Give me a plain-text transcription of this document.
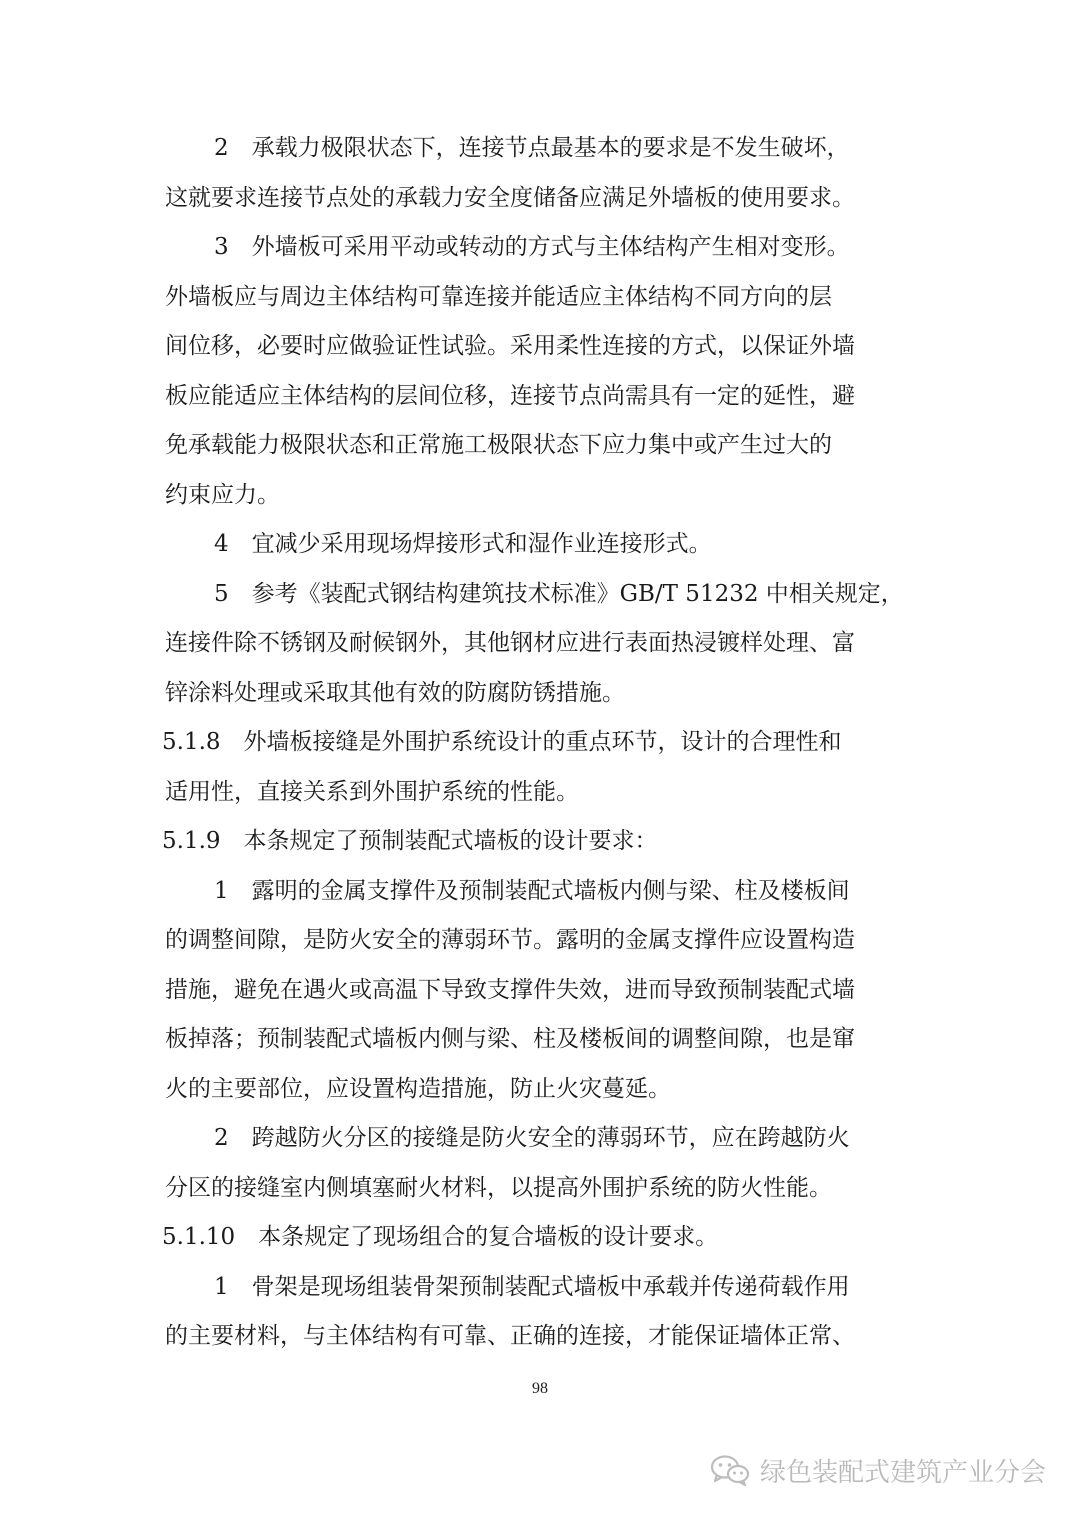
2　承载力极限状态下，连接节点最基本的要求是不发生破坏，
这就要求连接节点处的承载力安全度储备应满足外墙板的使用要求。
3　外墙板可采用平动或转动的方式与主体结构产生相对变形。
外墙板应与周边主体结构可靠连接并能适应主体结构不同方向的层
间位移，必要时应做验证性试验。采用柔性连接的方式，以保证外墙
板应能适应主体结构的层间位移，连接节点尚需具有一定的延性，避
免承载能力极限状态和正常施工极限状态下应力集中或产生过大的
约束应力。
4　宜减少采用现场焊接形式和湿作业连接形式。
5　参考《装配式钢结构建筑技术标准》GB/T 51232 中相关规定，
连接件除不锈钢及耐候钢外，其他钢材应进行表面热浸镀样处理、富
锌涂料处理或采取其他有效的防腐防锈措施。
5.1.8　外墙板接缝是外围护系统设计的重点环节，设计的合理性和
适用性，直接关系到外围护系统的性能。
5.1.9　本条规定了预制装配式墙板的设计要求：
1　露明的金属支撑件及预制装配式墙板内侧与梁、柱及楼板间
的调整间隙，是防火安全的薄弱环节。露明的金属支撑件应设置构造
措施，避免在遇火或高温下导致支撑件失效，进而导致预制装配式墙
板掉落；预制装配式墙板内侧与梁、柱及楼板间的调整间隙，也是窜
火的主要部位，应设置构造措施，防止火灾蔓延。
2　跨越防火分区的接缝是防火安全的薄弱环节，应在跨越防火
分区的接缝室内侧填塞耐火材料，以提高外围护系统的防火性能。
5.1.10　本条规定了现场组合的复合墙板的设计要求。
1　骨架是现场组装骨架预制装配式墙板中承载并传递荷载作用
的主要材料，与主体结构有可靠、正确的连接，才能保证墙体正常、
98
绿色装配式建筑产业分会
